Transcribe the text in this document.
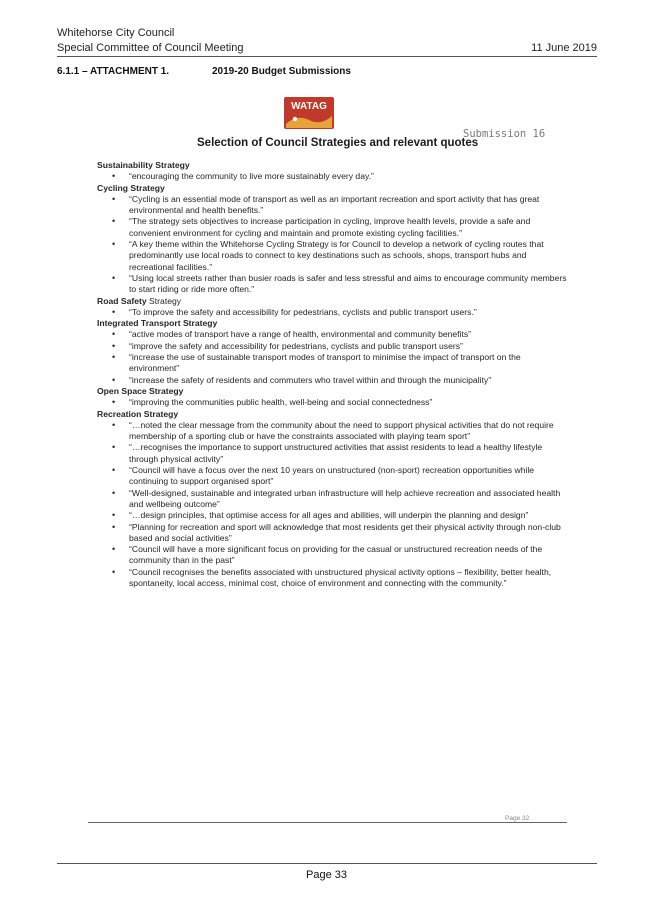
Whitehorse City Council
Special Committee of Council Meeting	11 June 2019
6.1.1 – ATTACHMENT 1.	2019-20 Budget Submissions
WATAG
Selection of Council Strategies and relevant quotes
Submission 16
Sustainability Strategy
• “encouraging the community to live more sustainably every day.”
Cycling Strategy
• “Cycling is an essential mode of transport as well as an important recreation and sport activity that has great environmental and health benefits.”
• “The strategy sets objectives to increase participation in cycling, improve health levels, provide a safe and convenient environment for cycling and maintain and promote existing cycling facilities.”
• “A key theme within the Whitehorse Cycling Strategy is for Council to develop a network of cycling routes that predominantly use local roads to connect to key destinations such as schools, shops, transport hubs and recreational facilities.”
• “Using local streets rather than busier roads is safer and less stressful and aims to encourage community members to start riding or ride more often.”
Road Safety Strategy
• “To improve the safety and accessibility for pedestrians, cyclists and public transport users.”
Integrated Transport Strategy
• “active modes of transport have a range of health, environmental and community benefits”
• “improve the safety and accessibility for pedestrians, cyclists and public transport users”
• “increase the use of sustainable transport modes of transport to minimise the impact of transport on the environment”
• “increase the safety of residents and commuters who travel within and through the municipality”
Open Space Strategy
• “improving the communities public health, well-being and social connectedness”
Recreation Strategy
• “…noted the clear message from the community about the need to support physical activities that do not require membership of a sporting club or have the constraints associated with playing team sport”
• “…recognises the importance to support unstructured activities that assist residents to lead a healthy lifestyle through physical activity”
• “Council will have a focus over the next 10 years on unstructured (non-sport) recreation opportunities while continuing to support organised sport”
• “Well-designed, sustainable and integrated urban infrastructure will help achieve recreation and associated health and wellbeing outcome”
• “…design principles, that optimise access for all ages and abilities, will underpin the planning and design”
• “Planning for recreation and sport will acknowledge that most residents get their physical activity through non-club based and social activities”
• “Council will have a more significant focus on providing for the casual or unstructured recreation needs of the community than in the past”
• “Council recognises the benefits associated with unstructured physical activity options – flexibility, better health, spontaneity, local access, minimal cost, choice of environment and connecting with the community.”
Page 32
Page 33
